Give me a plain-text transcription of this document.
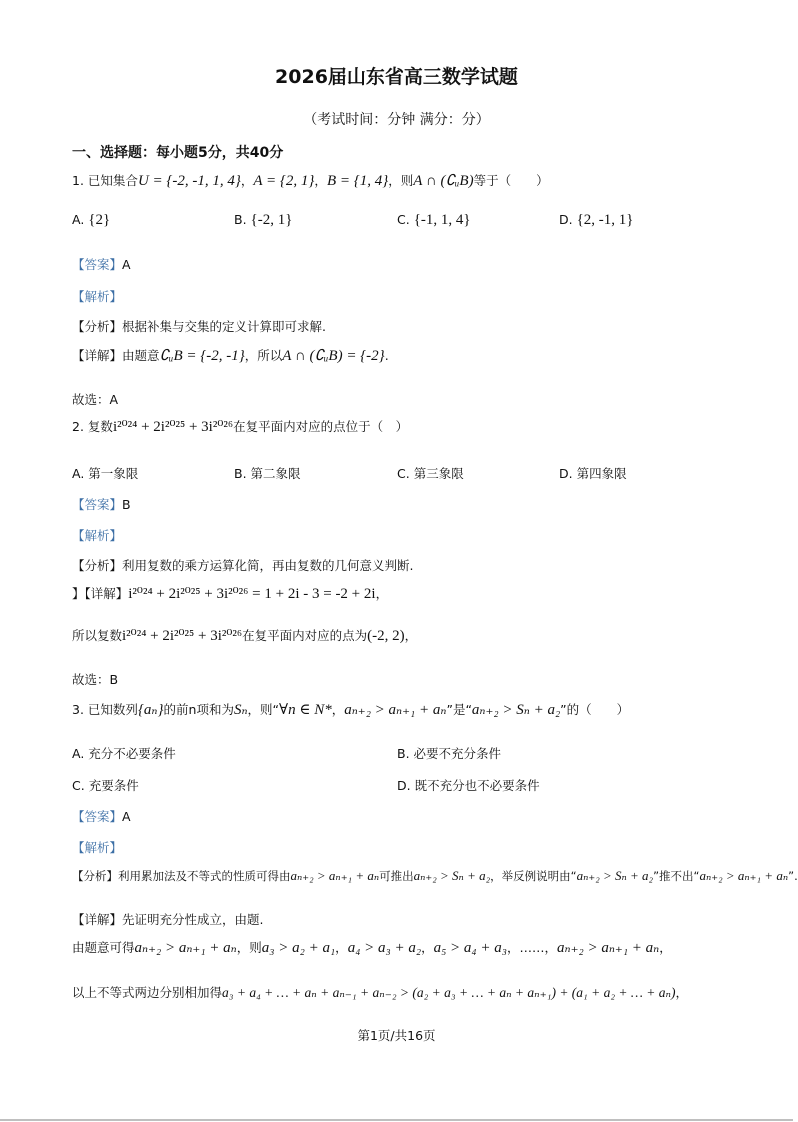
2026届山东省高三数学试题
（考试时间：分钟 满分：分）
一、选择题：每小题5分，共40分
1. 已知集合U = {-2, -1, 1, 4}，A = {2, 1}，B = {1, 4}，则A ∩ (∁ᵤB)等于（　　）
A. {2}	B. {-2, 1}	C. {-1, 1, 4}	D. {2, -1, 1}
【答案】A
【解析】
【分析】根据补集与交集的定义计算即可求解.
【详解】由题意∁ᵤB = {-2, -1}，所以A ∩ (∁ᵤB) = {-2}.
故选：A
2. 复数i²⁰²⁴ + 2i²⁰²⁵ + 3i²⁰²⁶在复平面内对应的点位于（　）
A. 第一象限	B. 第二象限	C. 第三象限	D. 第四象限
【答案】B
【解析】
【分析】利用复数的乘方运算化简，再由复数的几何意义判断.
】【详解】i²⁰²⁴ + 2i²⁰²⁵ + 3i²⁰²⁶ = 1 + 2i - 3 = -2 + 2i，
所以复数i²⁰²⁴ + 2i²⁰²⁵ + 3i²⁰²⁶在复平面内对应的点为(-2, 2)，
故选：B
3. 已知数列{aₙ}的前n项和为Sₙ，则“∀n ∈ N*，aₙ₊₂ > aₙ₊₁ + aₙ”是“aₙ₊₂ > Sₙ + a₂”的（　　）
A. 充分不必要条件	B. 必要不充分条件
C. 充要条件	D. 既不充分也不必要条件
【答案】A
【解析】
【分析】利用累加法及不等式的性质可得由aₙ₊₂ > aₙ₊₁ + aₙ可推出aₙ₊₂ > Sₙ + a₂，举反例说明由“aₙ₊₂ > Sₙ + a₂”推不出“aₙ₊₂ > aₙ₊₁ + aₙ”.
【详解】先证明充分性成立，由题.
由题意可得aₙ₊₂ > aₙ₊₁ + aₙ，则a₃ > a₂ + a₁，a₄ > a₃ + a₂，a₅ > a₄ + a₃，……，aₙ₊₂ > aₙ₊₁ + aₙ，
以上不等式两边分别相加得a₃ + a₄ + … + aₙ + aₙ₋₁ + aₙ₋₂ > (a₂ + a₃ + … + aₙ + aₙ₊₁) + (a₁ + a₂ + … + aₙ)，
第1页/共16页
